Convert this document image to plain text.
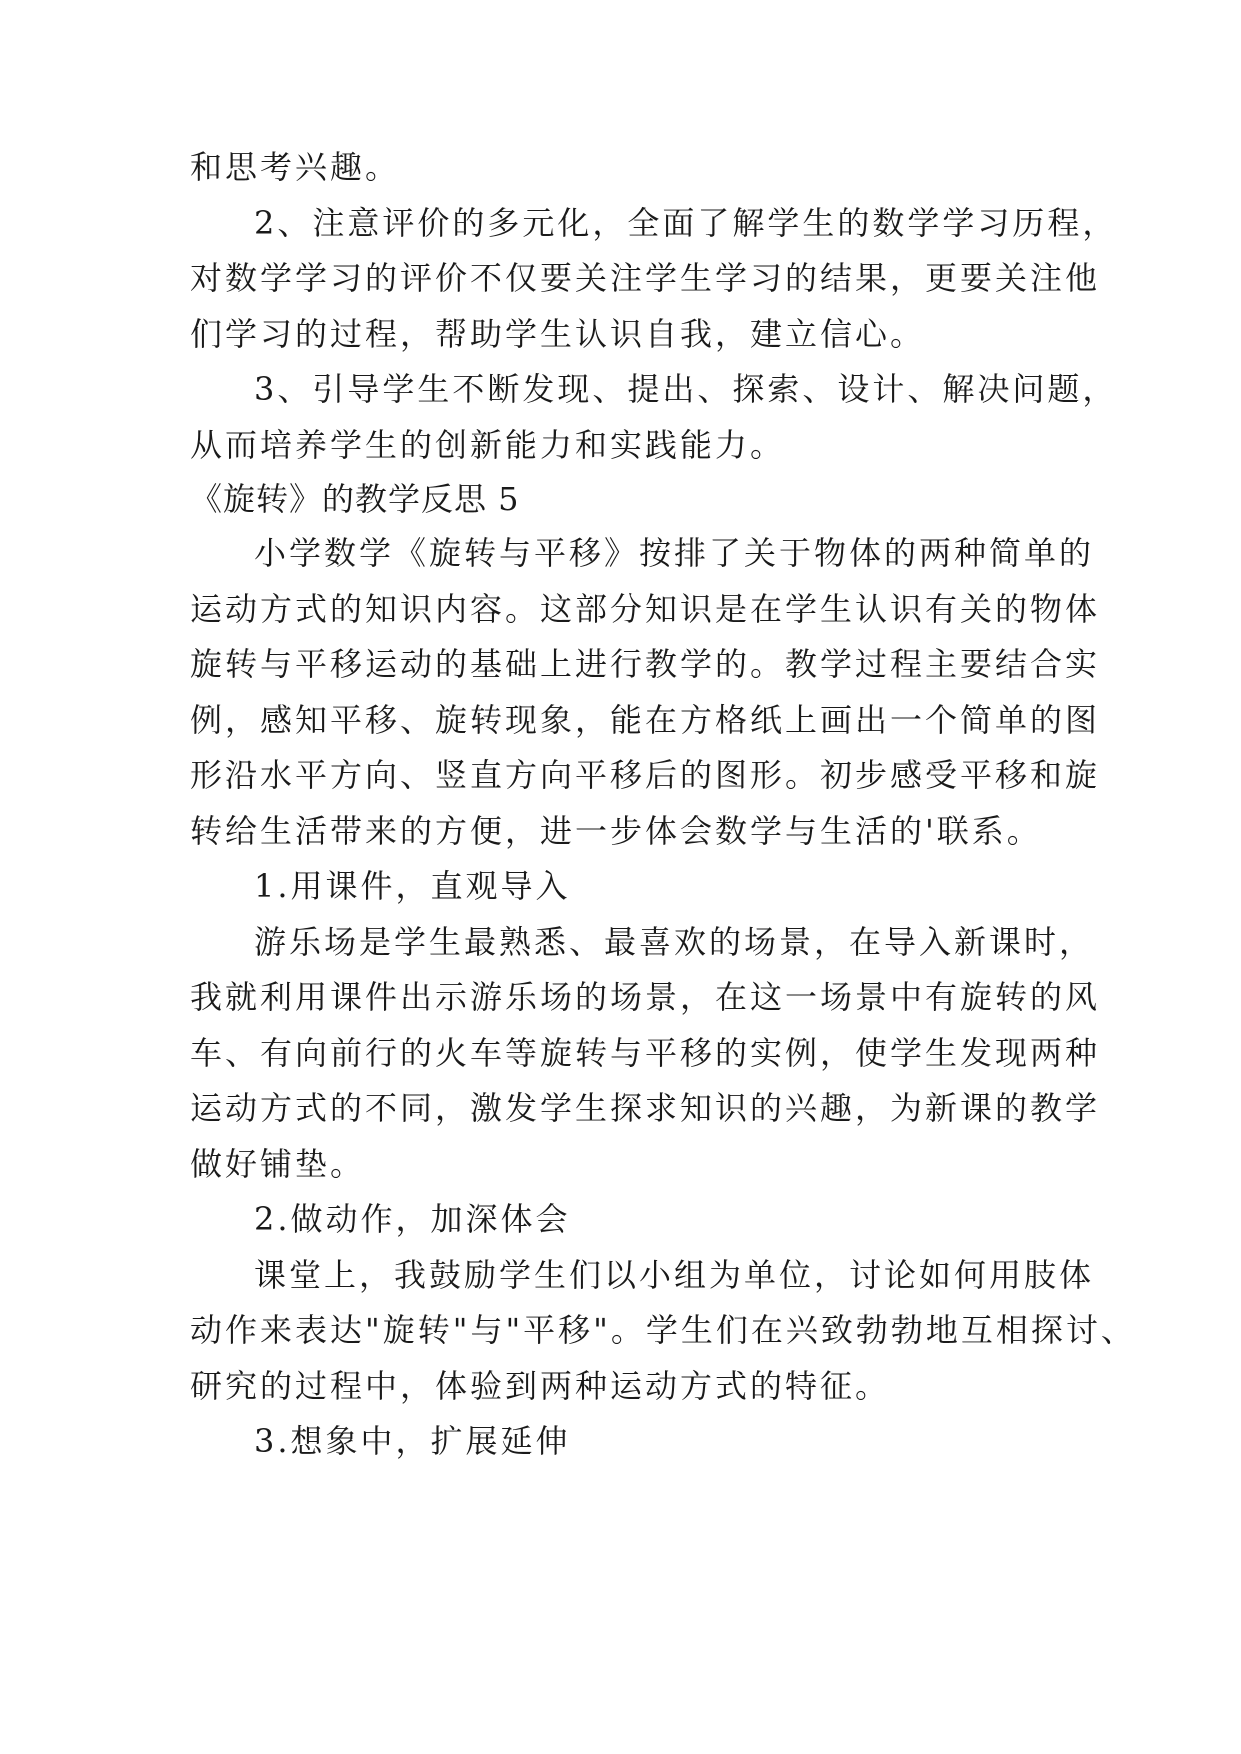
和思考兴趣。
2、注意评价的多元化，全面了解学生的数学学习历程，
对数学学习的评价不仅要关注学生学习的结果，更要关注他
们学习的过程，帮助学生认识自我，建立信心。
3、引导学生不断发现、提出、探索、设计、解决问题，
从而培养学生的创新能力和实践能力。
《旋转》的教学反思 5
小学数学《旋转与平移》按排了关于物体的两种简单的
运动方式的知识内容。这部分知识是在学生认识有关的物体
旋转与平移运动的基础上进行教学的。教学过程主要结合实
例，感知平移、旋转现象，能在方格纸上画出一个简单的图
形沿水平方向、竖直方向平移后的图形。初步感受平移和旋
转给生活带来的方便，进一步体会数学与生活的'联系。
1.用课件，直观导入
游乐场是学生最熟悉、最喜欢的场景，在导入新课时，
我就利用课件出示游乐场的场景，在这一场景中有旋转的风
车、有向前行的火车等旋转与平移的实例，使学生发现两种
运动方式的不同，激发学生探求知识的兴趣，为新课的教学
做好铺垫。
2.做动作，加深体会
课堂上，我鼓励学生们以小组为单位，讨论如何用肢体
动作来表达"旋转"与"平移"。学生们在兴致勃勃地互相探讨、
研究的过程中，体验到两种运动方式的特征。
3.想象中，扩展延伸
